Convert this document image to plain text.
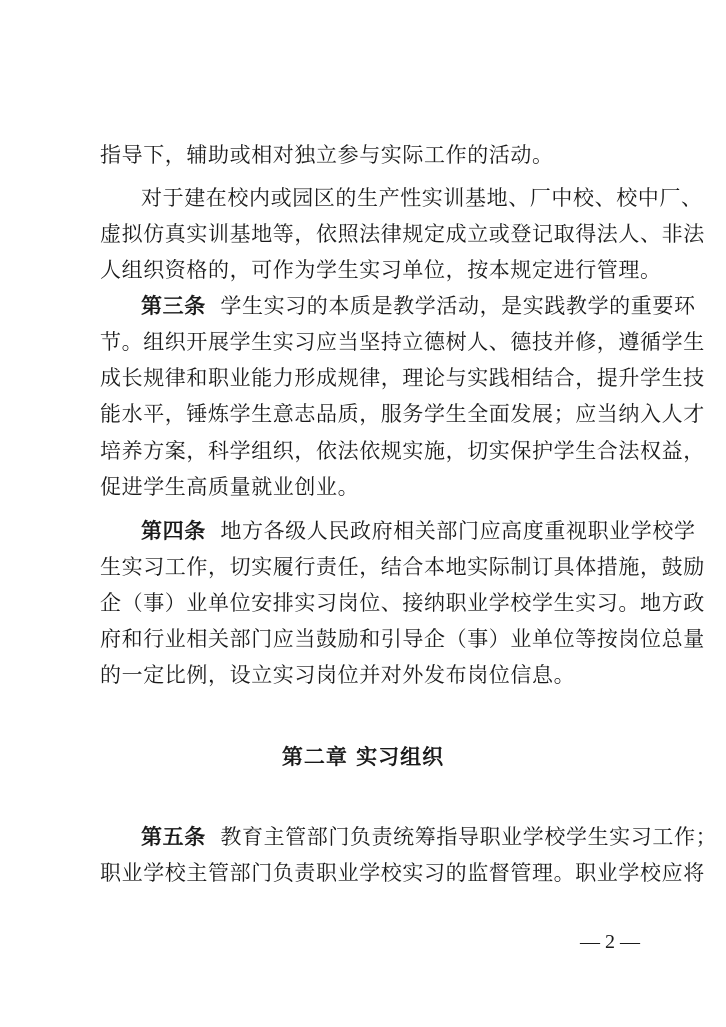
指导下，辅助或相对独立参与实际工作的活动。
对于建在校内或园区的生产性实训基地、厂中校、校中厂、
虚拟仿真实训基地等，依照法律规定成立或登记取得法人、非法
人组织资格的，可作为学生实习单位，按本规定进行管理。
第三条 学生实习的本质是教学活动，是实践教学的重要环
节。组织开展学生实习应当坚持立德树人、德技并修，遵循学生
成长规律和职业能力形成规律，理论与实践相结合，提升学生技
能水平，锤炼学生意志品质，服务学生全面发展；应当纳入人才
培养方案，科学组织，依法依规实施，切实保护学生合法权益，
促进学生高质量就业创业。
第四条 地方各级人民政府相关部门应高度重视职业学校学
生实习工作，切实履行责任，结合本地实际制订具体措施，鼓励
企（事）业单位安排实习岗位、接纳职业学校学生实习。地方政
府和行业相关部门应当鼓励和引导企（事）业单位等按岗位总量
的一定比例，设立实习岗位并对外发布岗位信息。
第二章 实习组织
第五条 教育主管部门负责统筹指导职业学校学生实习工作；
职业学校主管部门负责职业学校实习的监督管理。职业学校应将
— 2 —
